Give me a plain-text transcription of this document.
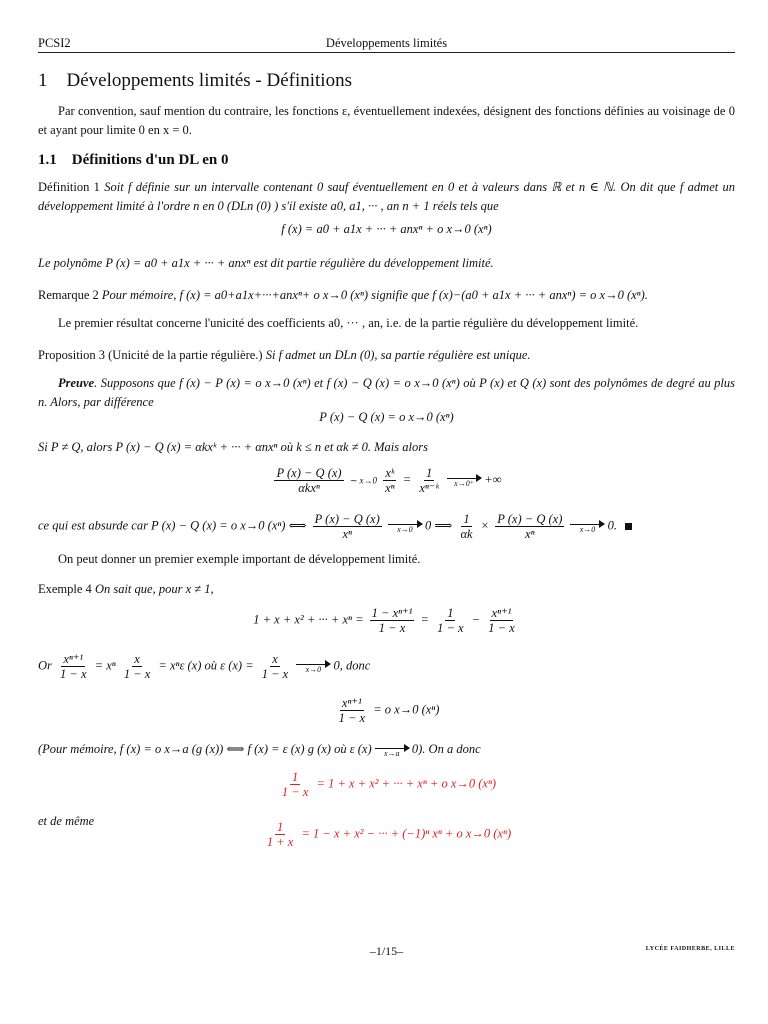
PCSI2	Développements limités
1 Développements limités - Définitions
Par convention, sauf mention du contraire, les fonctions ε, éventuellement indexées, désignent des fonctions définies au voisinage de 0 et ayant pour limite 0 en x = 0.
1.1 Définitions d'un DL en 0
Définition 1 Soit f définie sur un intervalle contenant 0 sauf éventuellement en 0 et à valeurs dans ℝ et n ∈ ℕ. On dit que f admet un développement limité à l'ordre n en 0 (DLn (0) ) s'il existe a0, a1, ··· , an n + 1 réels tels que
f (x) = a0 + a1x + ··· + anxⁿ + o x→0 (xⁿ)
Le polynôme P (x) = a0 + a1x + ··· + anxⁿ est dit partie régulière du développement limité.
Remarque 2 Pour mémoire, f (x) = a0+a1x+···+anxⁿ+ o x→0 (xⁿ) signifie que f (x)−(a0 + a1x + ··· + anxⁿ) = o x→0 (xⁿ).
Le premier résultat concerne l'unicité des coefficients a0, ··· , an, i.e. de la partie régulière du développement limité.
Proposition 3 (Unicité de la partie régulière.) Si f admet un DLn (0), sa partie régulière est unique.
Preuve. Supposons que f (x) − P (x) = o x→0 (xⁿ) et f (x) − Q (x) = o x→0 (xⁿ) où P (x) et Q (x) sont des polynômes de degré au plus n. Alors, par différence
P (x) − Q (x) = o x→0 (xⁿ)
Si P ≠ Q, alors P (x) − Q (x) = αkxᵏ + ··· + αnxⁿ où k ≤ n et αk ≠ 0. Mais alors
$\frac{P (x) - Q (x)}{\text{αkxⁿ}}$ ∼ $x\to 0 \frac{\text{xᵏ}}{\text{xⁿ}} = \frac{1}{\text{xⁿ⁻ᵏ}}$
x→0⁺ +∞
ce qui est absurde car P (x) − Q (x) = o x→0 (xⁿ) ⟺ $\frac{P (x) - Q (x)}{\text{xⁿ}}$
x→0 0 ⟹ $\frac{1}{\alpha k} \times \frac{P (x) - Q (x)}{\text{xⁿ}}$
x→0 0.
On peut donner un premier exemple important de développement limité.
Exemple 4 On sait que, pour x ≠ 1,
1 + x + x² + ··· + $x^n = \frac{\text{1 − xⁿ⁺¹}}{1 - x} = \frac{1}{1 - x} - \frac{\text{xⁿ⁺¹}}{1 - x}$
Or $\frac{\text{xⁿ⁺¹}}{1 - x} = x^n \frac{x}{1 - x} = x^n\varepsilon$ (x) où ε $(x) = \frac{x}{1 - x}$
x→0 0, donc
$\frac{\text{xⁿ⁺¹}}{1 - x} = o$ x→0 (xⁿ)
(Pour mémoire, f (x) = o x→a (g (x)) ⟺ f (x) = ε (x) g (x) où ε (x) x→a 0). On a donc
$\frac{1}{1 - x} = 1 + x + x^2$ + ··· + xⁿ + o x→0 (xⁿ)
et de même	$\frac{1}{1 + x} = 1 - x + x^2$ − ··· + (−1)ⁿ xⁿ + o x→0 (xⁿ)
–1/15–	LYCÉE FAIDHERBE, LILLE
